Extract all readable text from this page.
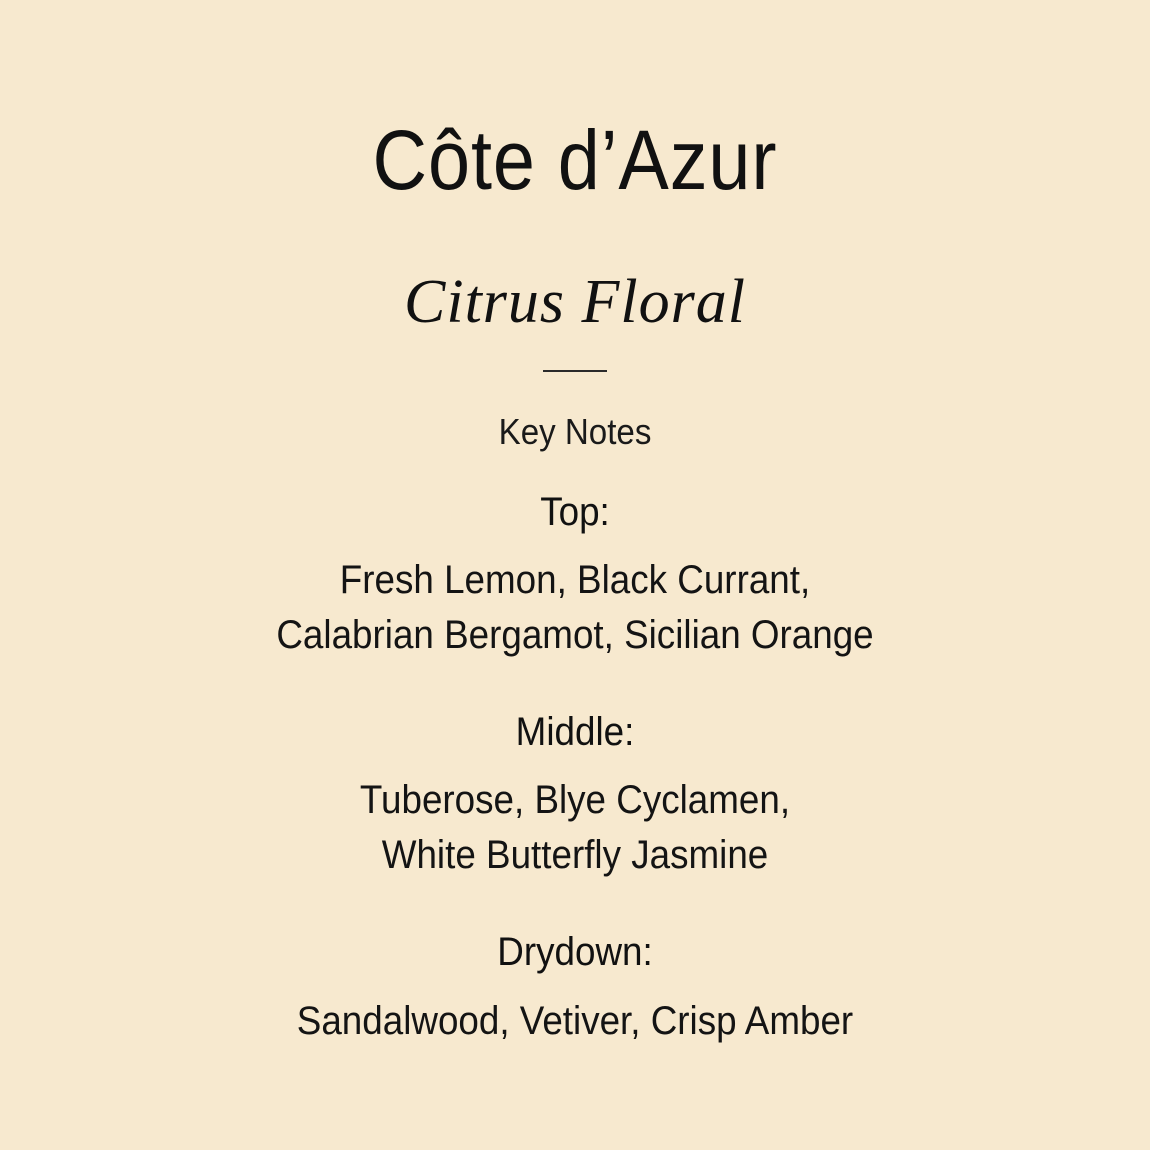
Côte d’Azur
Citrus Floral

Key Notes

Top:

Fresh Lemon, Black Currant,
Calabrian Bergamot, Sicilian Orange

Middle:

Tuberose, Blye Cyclamen,
White Butterfly Jasmine

Drydown:

Sandalwood, Vetiver, Crisp Amber
